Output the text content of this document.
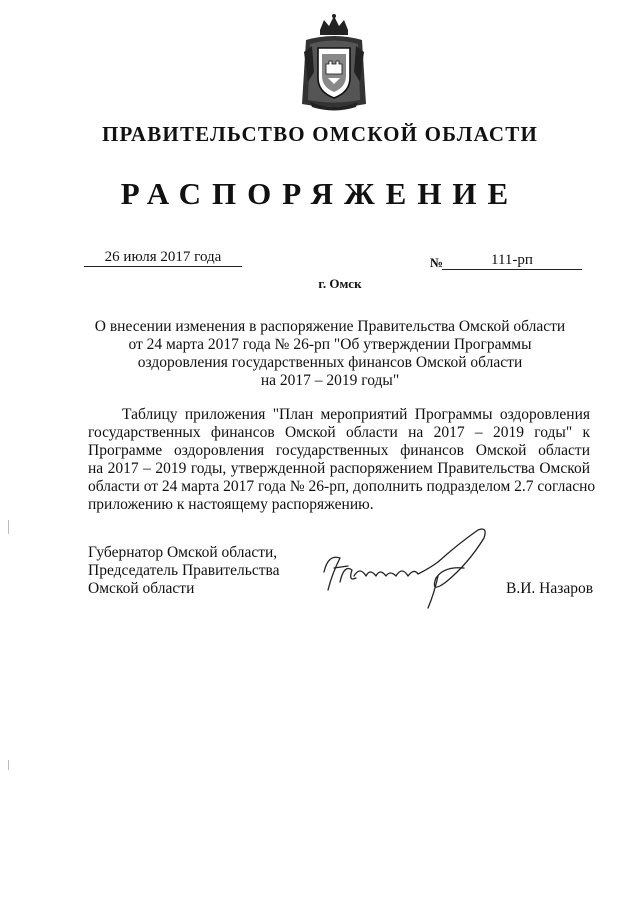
ПРАВИТЕЛЬСТВО ОМСКОЙ ОБЛАСТИ
РАСПОРЯЖЕНИЕ
26 июля 2017 года	№	111-рп
г. Омск
О внесении изменения в распоряжение Правительства Омской области
от 24 марта 2017 года № 26-рп "Об утверждении Программы
оздоровления государственных финансов Омской области
на 2017 – 2019 годы"
Таблицу приложения "План мероприятий Программы оздоровления
государственных финансов Омской области на 2017 – 2019 годы" к
Программе оздоровления государственных финансов Омской области
на 2017 – 2019 годы, утвержденной распоряжением Правительства Омской
области от 24 марта 2017 года № 26-рп, дополнить подразделом 2.7 согласно
приложению к настоящему распоряжению.
Губернатор Омской области,
Председатель Правительства
Омской области	В.И. Назаров
